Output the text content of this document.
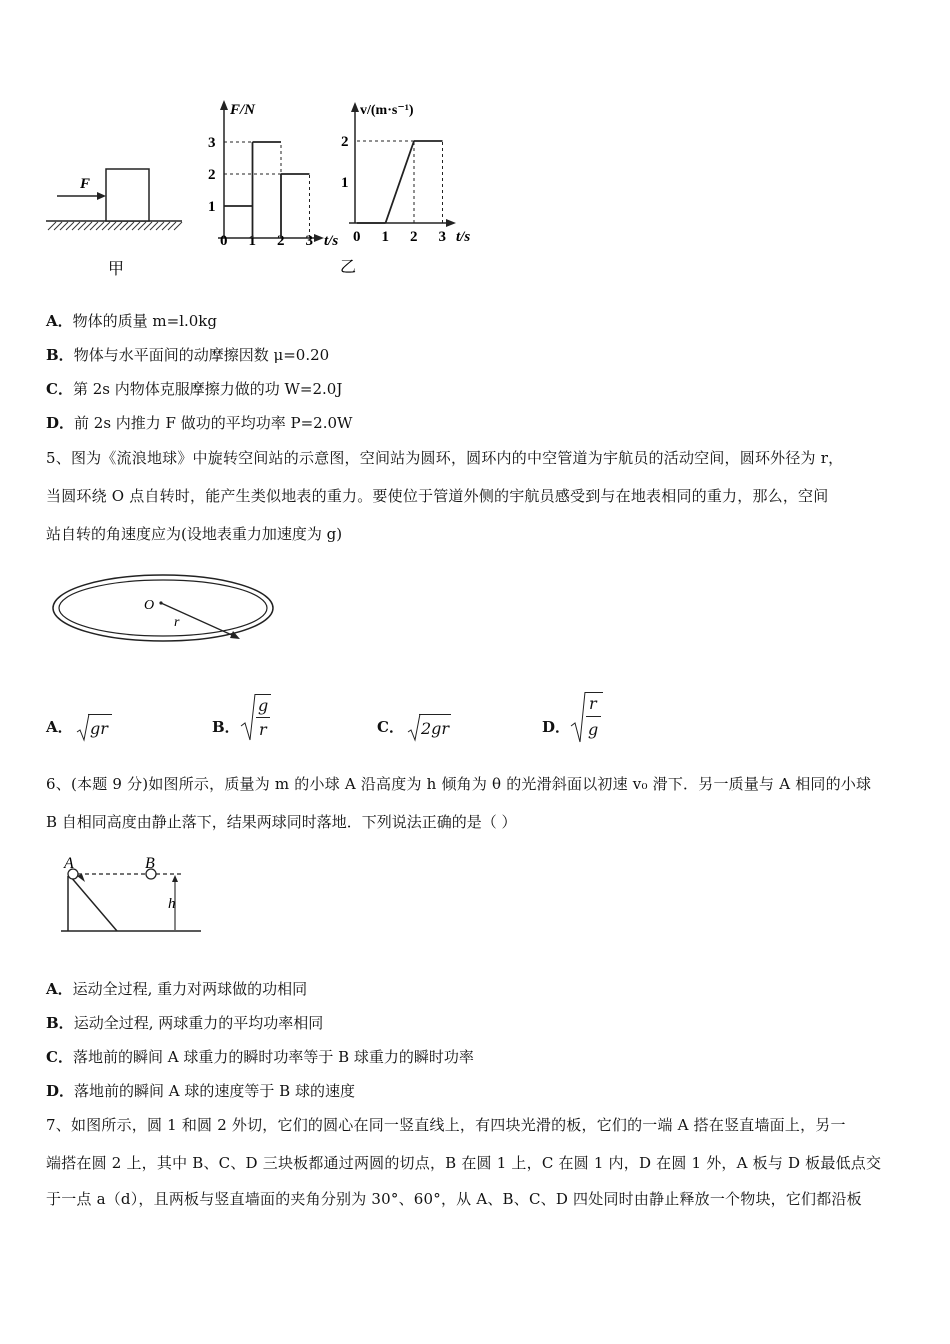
F
甲
F/N
t/s
0 1 2 3
1
2
3
v/(m·s⁻¹)
t/s
乙
0 1 2 3
1
2
A．物体的质量 m=l.0kg
B．物体与水平面间的动摩擦因数 μ=0.20
C．第 2s 内物体克服摩擦力做的功 W=2.0J
D．前 2s 内推力 F 做功的平均功率 P=2.0W
5、图为《流浪地球》中旋转空间站的示意图，空间站为圆环，圆环内的中空管道为宇航员的活动空间，圆环外径为 r，
当圆环绕 O 点自转时，能产生类似地表的重力。要使位于管道外侧的宇航员感受到与在地表相同的重力，那么，空间
站自转的角速度应为(设地表重力加速度为 g)
O
r
A． gr	B．
g
r	C． 2gr	D．
r
g
6、(本题 9 分)如图所示，质量为 m 的小球 A 沿高度为 h 倾角为 θ 的光滑斜面以初速 v₀ 滑下．另一质量与 A 相同的小球
B 自相同高度由静止落下，结果两球同时落地．下列说法正确的是（ ）
A	B
h
A．运动全过程, 重力对两球做的功相同
B．运动全过程, 两球重力的平均功率相同
C．落地前的瞬间 A 球重力的瞬时功率等于 B 球重力的瞬时功率
D．落地前的瞬间 A 球的速度等于 B 球的速度
7、如图所示，圆 1 和圆 2 外切，它们的圆心在同一竖直线上，有四块光滑的板，它们的一端 A 搭在竖直墙面上，另一
端搭在圆 2 上，其中 B、C、D 三块板都通过两圆的切点，B 在圆 1 上，C 在圆 1 内，D 在圆 1 外，A 板与 D 板最低点交
于一点 a（d），且两板与竖直墙面的夹角分别为 30°、60°，从 A、B、C、D 四处同时由静止释放一个物块，它们都沿板
